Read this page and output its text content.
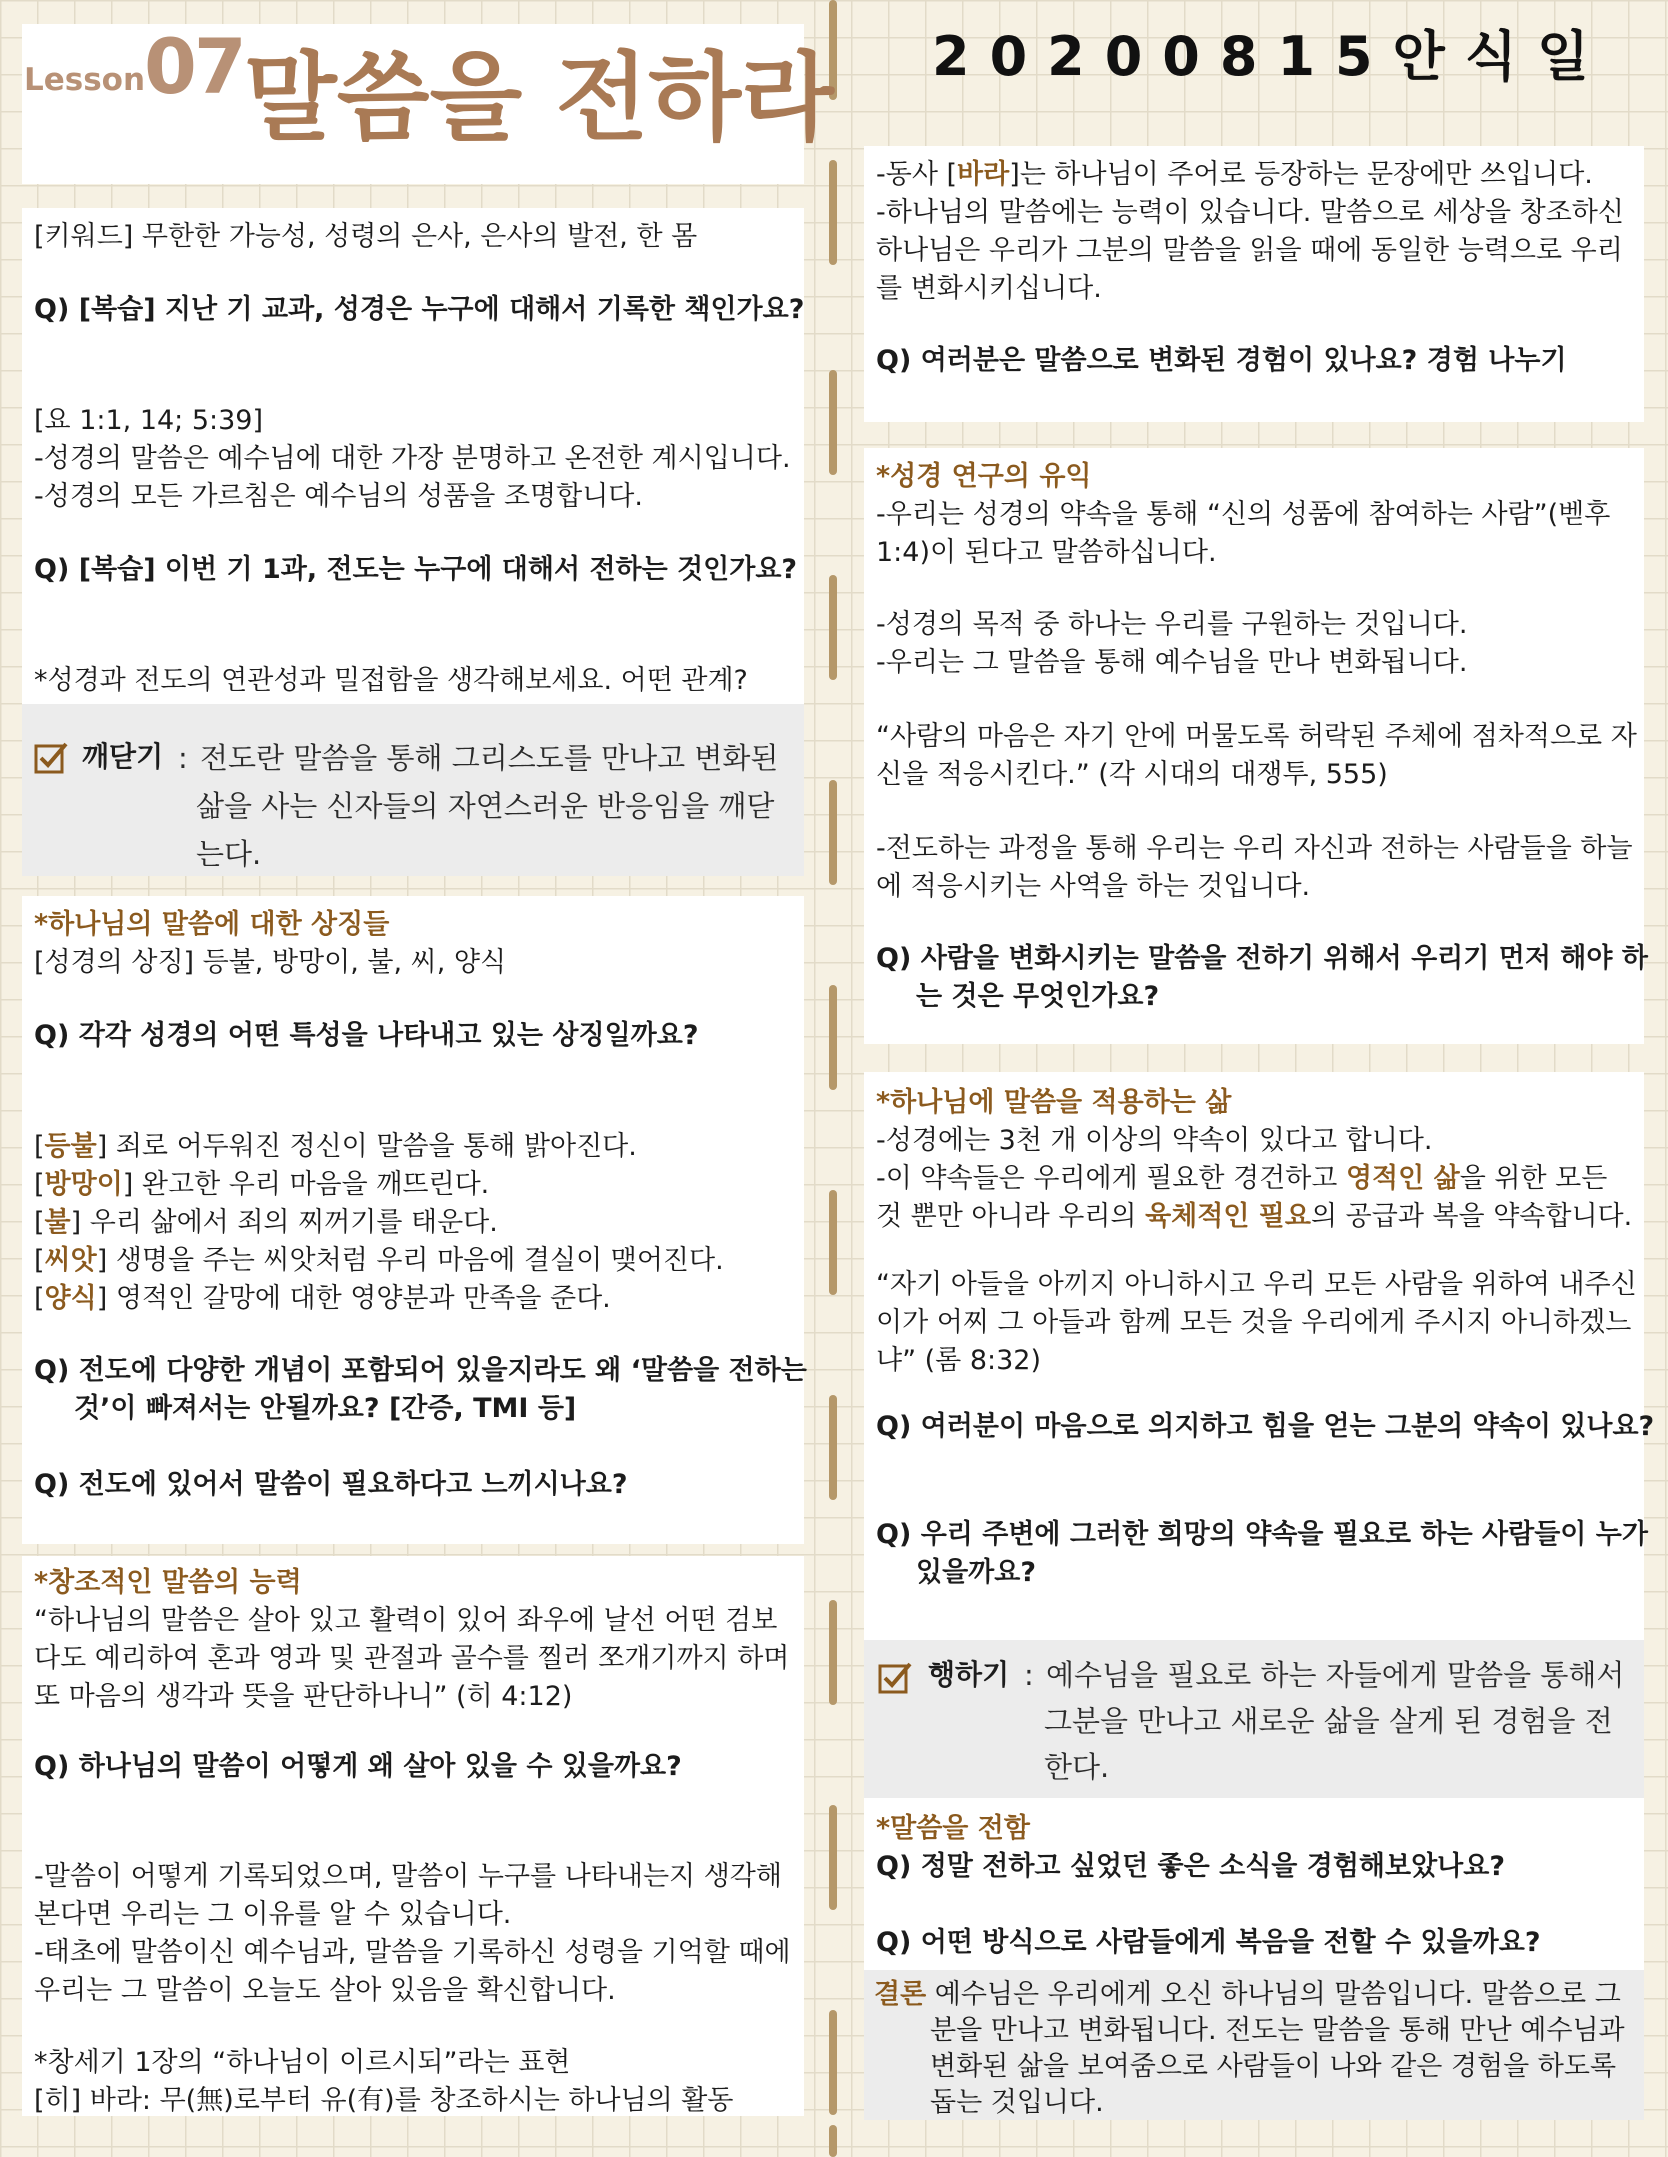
Lesson
07 말씀을 전하라 20200815안식일
[키워드] 무한한 가능성, 성령의 은사, 은사의 발전, 한 몸
Q) [복습] 지난 기 교과, 성경은 누구에 대해서 기록한 책인가요?
[요 1:1, 14; 5:39]
-성경의 말씀은 예수님에 대한 가장 분명하고 온전한 계시입니다.
-성경의 모든 가르침은 예수님의 성품을 조명합니다.
Q) [복습] 이번 기 1과, 전도는 누구에 대해서 전하는 것인가요?
*성경과 전도의 연관성과 밀접함을 생각해보세요. 어떤 관계?
깨닫기 : 전도란 말씀을 통해 그리스도를 만나고 변화된
삶을 사는 신자들의 자연스러운 반응임을 깨닫
는다.
*하나님의 말씀에 대한 상징들
[성경의 상징] 등불, 방망이, 불, 씨, 양식
Q) 각각 성경의 어떤 특성을 나타내고 있는 상징일까요?
[등불] 죄로 어두워진 정신이 말씀을 통해 밝아진다.
[방망이] 완고한 우리 마음을 깨뜨린다.
[불] 우리 삶에서 죄의 찌꺼기를 태운다.
[씨앗] 생명을 주는 씨앗처럼 우리 마음에 결실이 맺어진다.
[양식] 영적인 갈망에 대한 영양분과 만족을 준다.
Q) 전도에 다양한 개념이 포함되어 있을지라도 왜 ‘말씀을 전하는
것’이 빠져서는 안될까요? [간증, TMI 등]
Q) 전도에 있어서 말씀이 필요하다고 느끼시나요?
*창조적인 말씀의 능력
“하나님의 말씀은 살아 있고 활력이 있어 좌우에 날선 어떤 검보
다도 예리하여 혼과 영과 및 관절과 골수를 찔러 쪼개기까지 하며
또 마음의 생각과 뜻을 판단하나니” (히 4:12)
Q) 하나님의 말씀이 어떻게 왜 살아 있을 수 있을까요?
-말씀이 어떻게 기록되었으며, 말씀이 누구를 나타내는지 생각해
본다면 우리는 그 이유를 알 수 있습니다.
-태초에 말씀이신 예수님과, 말씀을 기록하신 성령을 기억할 때에
우리는 그 말씀이 오늘도 살아 있음을 확신합니다.
*창세기 1장의 “하나님이 이르시되”라는 표현
[히] 바라: 무(無)로부터 유(有)를 창조하시는 하나님의 활동
-동사 [바라]는 하나님이 주어로 등장하는 문장에만 쓰입니다.
-하나님의 말씀에는 능력이 있습니다. 말씀으로 세상을 창조하신
하나님은 우리가 그분의 말씀을 읽을 때에 동일한 능력으로 우리
를 변화시키십니다.
Q) 여러분은 말씀으로 변화된 경험이 있나요? 경험 나누기
*성경 연구의 유익
-우리는 성경의 약속을 통해 “신의 성품에 참여하는 사람”(벧후
1:4)이 된다고 말씀하십니다.
-성경의 목적 중 하나는 우리를 구원하는 것입니다.
-우리는 그 말씀을 통해 예수님을 만나 변화됩니다.
“사람의 마음은 자기 안에 머물도록 허락된 주체에 점차적으로 자
신을 적응시킨다.” (각 시대의 대쟁투, 555)
-전도하는 과정을 통해 우리는 우리 자신과 전하는 사람들을 하늘
에 적응시키는 사역을 하는 것입니다.
Q) 사람을 변화시키는 말씀을 전하기 위해서 우리기 먼저 해야 하
는 것은 무엇인가요?
*하나님에 말씀을 적용하는 삶
-성경에는 3천 개 이상의 약속이 있다고 합니다.
-이 약속들은 우리에게 필요한 경건하고 영적인 삶을 위한 모든
것 뿐만 아니라 우리의 육체적인 필요의 공급과 복을 약속합니다.
“자기 아들을 아끼지 아니하시고 우리 모든 사람을 위하여 내주신
이가 어찌 그 아들과 함께 모든 것을 우리에게 주시지 아니하겠느
냐” (롬 8:32)
Q) 여러분이 마음으로 의지하고 힘을 얻는 그분의 약속이 있나요?
Q) 우리 주변에 그러한 희망의 약속을 필요로 하는 사람들이 누가
있을까요?
행하기 : 예수님을 필요로 하는 자들에게 말씀을 통해서
그분을 만나고 새로운 삶을 살게 된 경험을 전
한다.
*말씀을 전함
Q) 정말 전하고 싶었던 좋은 소식을 경험해보았나요?
Q) 어떤 방식으로 사람들에게 복음을 전할 수 있을까요?
결론 예수님은 우리에게 오신 하나님의 말씀입니다. 말씀으로 그
분을 만나고 변화됩니다. 전도는 말씀을 통해 만난 예수님과
변화된 삶을 보여줌으로 사람들이 나와 같은 경험을 하도록
돕는 것입니다.
